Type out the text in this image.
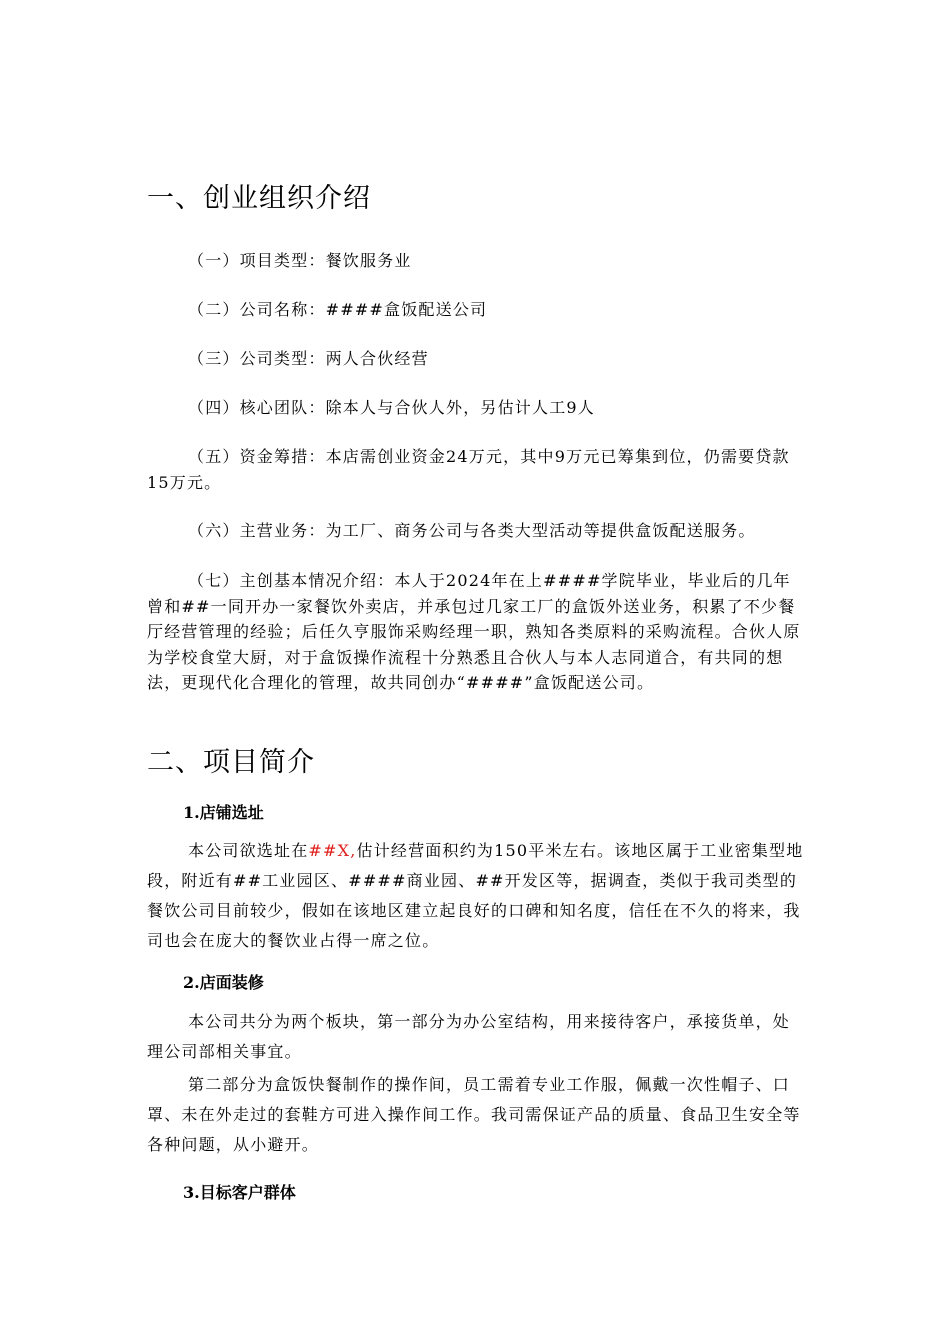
一、创业组织介绍

（一）项目类型：餐饮服务业

（二）公司名称：####盒饭配送公司

（三）公司类型：两人合伙经营

（四）核心团队：除本人与合伙人外，另估计人工9人

（五）资金筹措：本店需创业资金24万元，其中9万元已筹集到位，仍需要贷款15万元。

（六）主营业务：为工厂、商务公司与各类大型活动等提供盒饭配送服务。

（七）主创基本情况介绍：本人于2024年在上####学院毕业，毕业后的几年曾和##一同开办一家餐饮外卖店，并承包过几家工厂的盒饭外送业务，积累了不少餐厅经营管理的经验；后任久亨服饰采购经理一职，熟知各类原料的采购流程。合伙人原为学校食堂大厨，对于盒饭操作流程十分熟悉且合伙人与本人志同道合，有共同的想法，更现代化合理化的管理，故共同创办“####”盒饭配送公司。

二、项目简介
1.店铺选址

本公司欲选址在##X,估计经营面积约为150平米左右。该地区属于工业密集型地段，附近有##工业园区、####商业园、##开发区等，据调查，类似于我司类型的餐饮公司目前较少，假如在该地区建立起良好的口碑和知名度，信任在不久的将来，我司也会在庞大的餐饮业占得一席之位。

2.店面装修

本公司共分为两个板块，第一部分为办公室结构，用来接待客户，承接货单，处理公司部相关事宜。

第二部分为盒饭快餐制作的操作间，员工需着专业工作服，佩戴一次性帽子、口罩、未在外走过的套鞋方可进入操作间工作。我司需保证产品的质量、食品卫生安全等各种问题，从小避开。

3.目标客户群体
